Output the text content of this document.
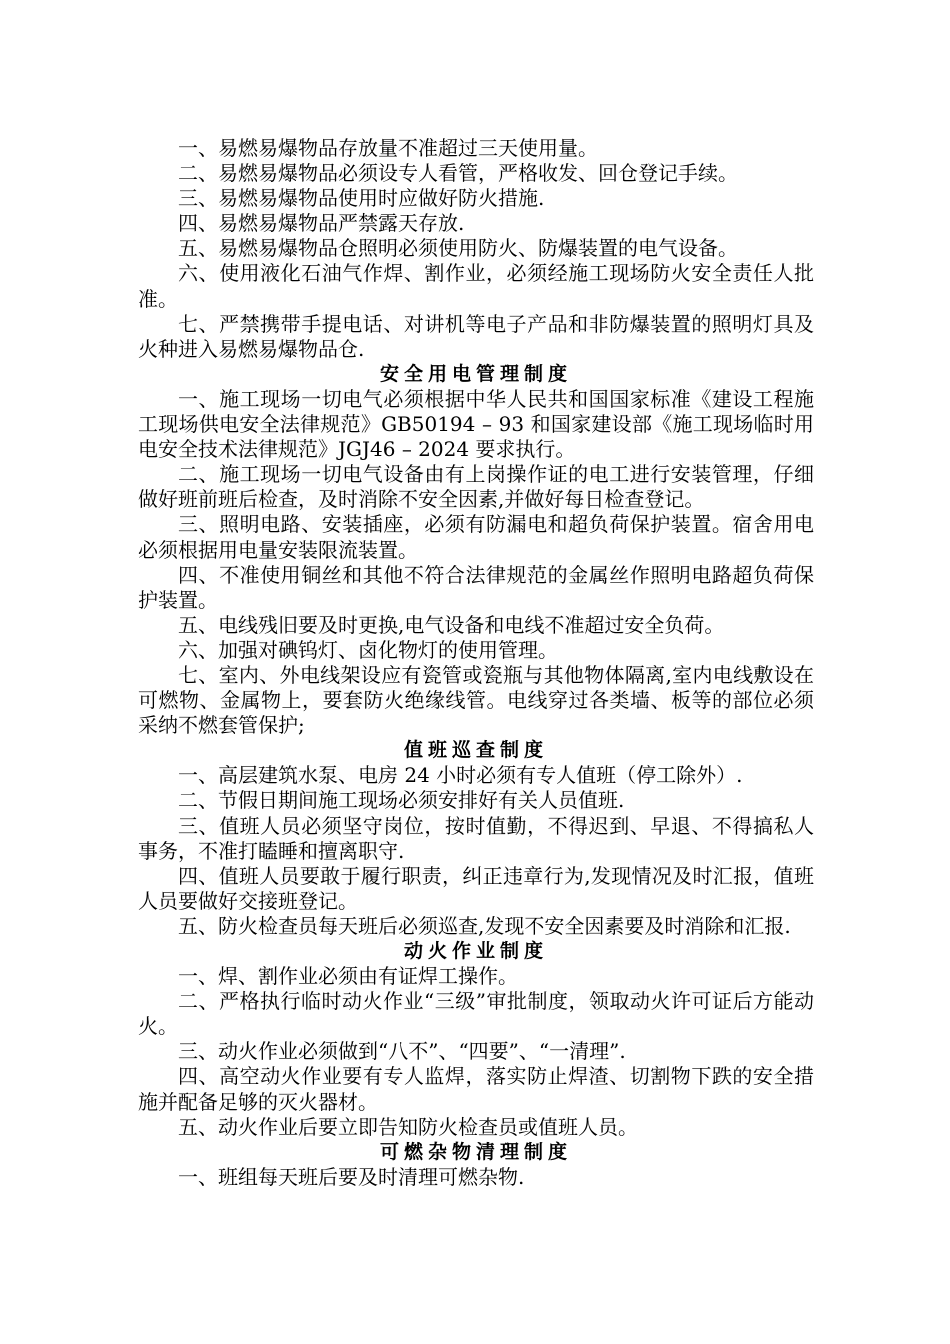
一、易燃易爆物品存放量不准超过三天使用量。

二、易燃易爆物品必须设专人看管，严格收发、回仓登记手续。

三、易燃易爆物品使用时应做好防火措施.

四、易燃易爆物品严禁露天存放.

五、易燃易爆物品仓照明必须使用防火、防爆装置的电气设备。

六、使用液化石油气作焊、割作业，必须经施工现场防火安全责任人批准。

七、严禁携带手提电话、对讲机等电子产品和非防爆装置的照明灯具及火种进入易燃易爆物品仓.

安全用电管理制度

一、施工现场一切电气必须根据中华人民共和国国家标准《建设工程施工现场供电安全法律规范》GB50194 – 93 和国家建设部《施工现场临时用电安全技术法律规范》JGJ46 – 2024 要求执行。

二、施工现场一切电气设备由有上岗操作证的电工进行安装管理，仔细做好班前班后检查，及时消除不安全因素,并做好每日检查登记。

三、照明电路、安装插座，必须有防漏电和超负荷保护装置。宿舍用电必须根据用电量安装限流装置。

四、不准使用铜丝和其他不符合法律规范的金属丝作照明电路超负荷保护装置。

五、电线残旧要及时更换,电气设备和电线不准超过安全负荷。

六、加强对碘钨灯、卤化物灯的使用管理。

七、室内、外电线架设应有瓷管或瓷瓶与其他物体隔离,室内电线敷设在可燃物、金属物上，要套防火绝缘线管。电线穿过各类墙、板等的部位必须采纳不燃套管保护;

值班巡查制度

一、高层建筑水泵、电房 24 小时必须有专人值班（停工除外）.

二、节假日期间施工现场必须安排好有关人员值班.

三、值班人员必须坚守岗位，按时值勤，不得迟到、早退、不得搞私人事务，不准打瞌睡和擅离职守.

四、值班人员要敢于履行职责，纠正违章行为,发现情况及时汇报，值班人员要做好交接班登记。

五、防火检查员每天班后必须巡查,发现不安全因素要及时消除和汇报.

动火作业制度

一、焊、割作业必须由有证焊工操作。

二、严格执行临时动火作业“三级”审批制度，领取动火许可证后方能动火。

三、动火作业必须做到“八不”、“四要”、“一清理”.

四、高空动火作业要有专人监焊，落实防止焊渣、切割物下跌的安全措施并配备足够的灭火器材。

五、动火作业后要立即告知防火检查员或值班人员。

可燃杂物清理制度

一、班组每天班后要及时清理可燃杂物.
